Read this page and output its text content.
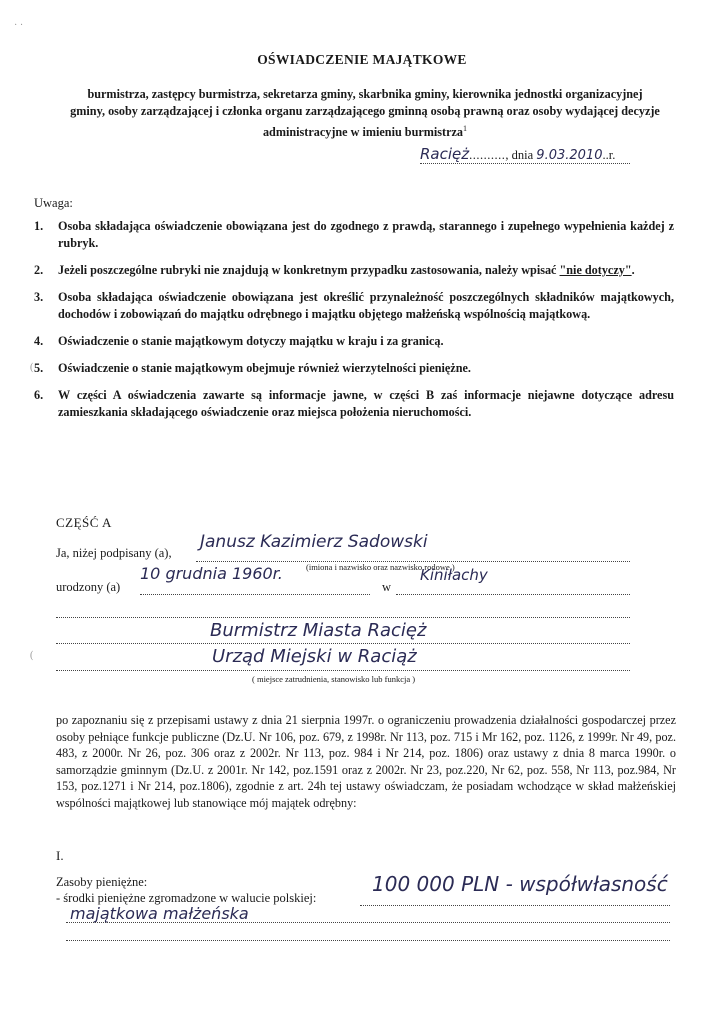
· ·
(
(
OŚWIADCZENIE MAJĄTKOWE
burmistrza, zastępcy burmistrza, sekretarza gminy, skarbnika gminy, kierownika jednostki organizacyjnej gminy, osoby zarządzającej i członka organu zarządzającego gminną osobą prawną oraz osoby wydającej decyzje administracyjne w imieniu burmistrza$^1$
Racięż.........., dnia 9.03.2010..r.
Uwaga:
1.	Osoba składająca oświadczenie obowiązana jest do zgodnego z prawdą, starannego i zupełnego wypełnienia każdej z rubryk.
2.	Jeżeli poszczególne rubryki nie znajdują w konkretnym przypadku zastosowania, należy wpisać "nie dotyczy".
3.	Osoba składająca oświadczenie obowiązana jest określić przynależność poszczególnych składników majątkowych, dochodów i zobowiązań do majątku odrębnego i majątku objętego małżeńską wspólnością majątkową.
4.	Oświadczenie o stanie majątkowym dotyczy majątku w kraju i za granicą.
5.	Oświadczenie o stanie majątkowym obejmuje również wierzytelności pieniężne.
6.	W części A oświadczenia zawarte są informacje jawne, w części B zaś informacje niejawne dotyczące adresu zamieszkania składającego oświadczenie oraz miejsca położenia nieruchomości.
CZĘŚĆ A
Ja, niżej podpisany (a),
Janusz Kazimierz Sadowski
(imiona i nazwisko oraz nazwisko rodowe )
urodzony (a)
10 grudnia 1960r.
w
Kiniłachy
Burmistrz Miasta Racięż
Urząd Miejski w Raciąż
( miejsce zatrudnienia, stanowisko lub funkcja )
po zapoznaniu się z przepisami ustawy z dnia 21 sierpnia 1997r. o ograniczeniu prowadzenia działalności gospodarczej przez osoby pełniące funkcje publiczne (Dz.U. Nr 106, poz. 679, z 1998r. Nr 113, poz. 715 i Mr 162, poz. 1126, z 1999r. Nr 49, poz. 483, z 2000r. Nr 26, poz. 306 oraz z 2002r. Nr 113, poz. 984 i Nr 214, poz. 1806) oraz ustawy z dnia 8 marca 1990r. o samorządzie gminnym (Dz.U. z 2001r. Nr 142, poz.1591 oraz z 2002r. Nr 23, poz.220, Nr 62, poz. 558, Nr 113, poz.984, Nr 153, poz.1271 i Nr 214, poz.1806), zgodnie z art. 24h tej ustawy oświadczam, że posiadam wchodzące w skład małżeńskiej wspólności majątkowej lub stanowiące mój majątek odrębny:
I.
Zasoby pieniężne:
- środki pieniężne zgromadzone w walucie polskiej:
100 000 PLN - współwłasność
majątkowa małżeńska
